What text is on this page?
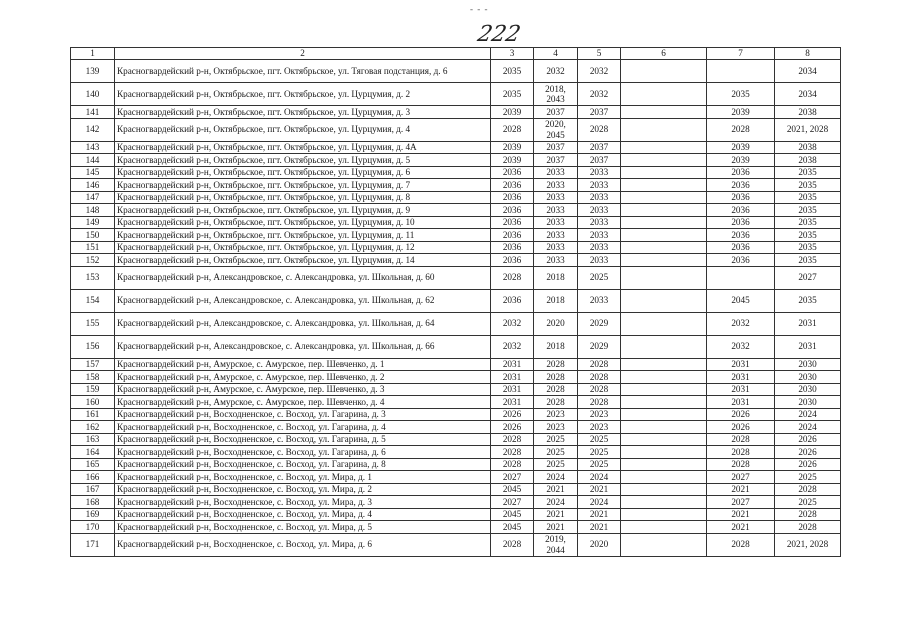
- - -
222
1	2	3	4	5	6	7	8
139	Красногвардейский р-н, Октябрьское, пгт. Октябрьское, ул. Тяговая подстанция, д. 6	2035	2032	2032			2034
140	Красногвардейский р-н, Октябрьское, пгт. Октябрьское, ул. Цурцумия, д. 2	2035	2018, 2043	2032		2035	2034
141	Красногвардейский р-н, Октябрьское, пгт. Октябрьское, ул. Цурцумия, д. 3	2039	2037	2037		2039	2038
142	Красногвардейский р-н, Октябрьское, пгт. Октябрьское, ул. Цурцумия, д. 4	2028	2020, 2045	2028		2028	2021, 2028
143	Красногвардейский р-н, Октябрьское, пгт. Октябрьское, ул. Цурцумия, д. 4А	2039	2037	2037		2039	2038
144	Красногвардейский р-н, Октябрьское, пгт. Октябрьское, ул. Цурцумия, д. 5	2039	2037	2037		2039	2038
145	Красногвардейский р-н, Октябрьское, пгт. Октябрьское, ул. Цурцумия, д. 6	2036	2033	2033		2036	2035
146	Красногвардейский р-н, Октябрьское, пгт. Октябрьское, ул. Цурцумия, д. 7	2036	2033	2033		2036	2035
147	Красногвардейский р-н, Октябрьское, пгт. Октябрьское, ул. Цурцумия, д. 8	2036	2033	2033		2036	2035
148	Красногвардейский р-н, Октябрьское, пгт. Октябрьское, ул. Цурцумия, д. 9	2036	2033	2033		2036	2035
149	Красногвардейский р-н, Октябрьское, пгт. Октябрьское, ул. Цурцумия, д. 10	2036	2033	2033		2036	2035
150	Красногвардейский р-н, Октябрьское, пгт. Октябрьское, ул. Цурцумия, д. 11	2036	2033	2033		2036	2035
151	Красногвардейский р-н, Октябрьское, пгт. Октябрьское, ул. Цурцумия, д. 12	2036	2033	2033		2036	2035
152	Красногвардейский р-н, Октябрьское, пгт. Октябрьское, ул. Цурцумия, д. 14	2036	2033	2033		2036	2035
153	Красногвардейский р-н, Александровское, с. Александровка, ул. Школьная, д. 60	2028	2018	2025			2027
154	Красногвардейский р-н, Александровское, с. Александровка, ул. Школьная, д. 62	2036	2018	2033		2045	2035
155	Красногвардейский р-н, Александровское, с. Александровка, ул. Школьная, д. 64	2032	2020	2029		2032	2031
156	Красногвардейский р-н, Александровское, с. Александровка, ул. Школьная, д. 66	2032	2018	2029		2032	2031
157	Красногвардейский р-н, Амурское, с. Амурское, пер. Шевченко, д. 1	2031	2028	2028		2031	2030
158	Красногвардейский р-н, Амурское, с. Амурское, пер. Шевченко, д. 2	2031	2028	2028		2031	2030
159	Красногвардейский р-н, Амурское, с. Амурское, пер. Шевченко, д. 3	2031	2028	2028		2031	2030
160	Красногвардейский р-н, Амурское, с. Амурское, пер. Шевченко, д. 4	2031	2028	2028		2031	2030
161	Красногвардейский р-н, Восходненское, с. Восход, ул. Гагарина, д. 3	2026	2023	2023		2026	2024
162	Красногвардейский р-н, Восходненское, с. Восход, ул. Гагарина, д. 4	2026	2023	2023		2026	2024
163	Красногвардейский р-н, Восходненское, с. Восход, ул. Гагарина, д. 5	2028	2025	2025		2028	2026
164	Красногвардейский р-н, Восходненское, с. Восход, ул. Гагарина, д. 6	2028	2025	2025		2028	2026
165	Красногвардейский р-н, Восходненское, с. Восход, ул. Гагарина, д. 8	2028	2025	2025		2028	2026
166	Красногвардейский р-н, Восходненское, с. Восход, ул. Мира, д. 1	2027	2024	2024		2027	2025
167	Красногвардейский р-н, Восходненское, с. Восход, ул. Мира, д. 2	2045	2021	2021		2021	2028
168	Красногвардейский р-н, Восходненское, с. Восход, ул. Мира, д. 3	2027	2024	2024		2027	2025
169	Красногвардейский р-н, Восходненское, с. Восход, ул. Мира, д. 4	2045	2021	2021		2021	2028
170	Красногвардейский р-н, Восходненское, с. Восход, ул. Мира, д. 5	2045	2021	2021		2021	2028
171	Красногвардейский р-н, Восходненское, с. Восход, ул. Мира, д. 6	2028	2019, 2044	2020		2028	2021, 2028
